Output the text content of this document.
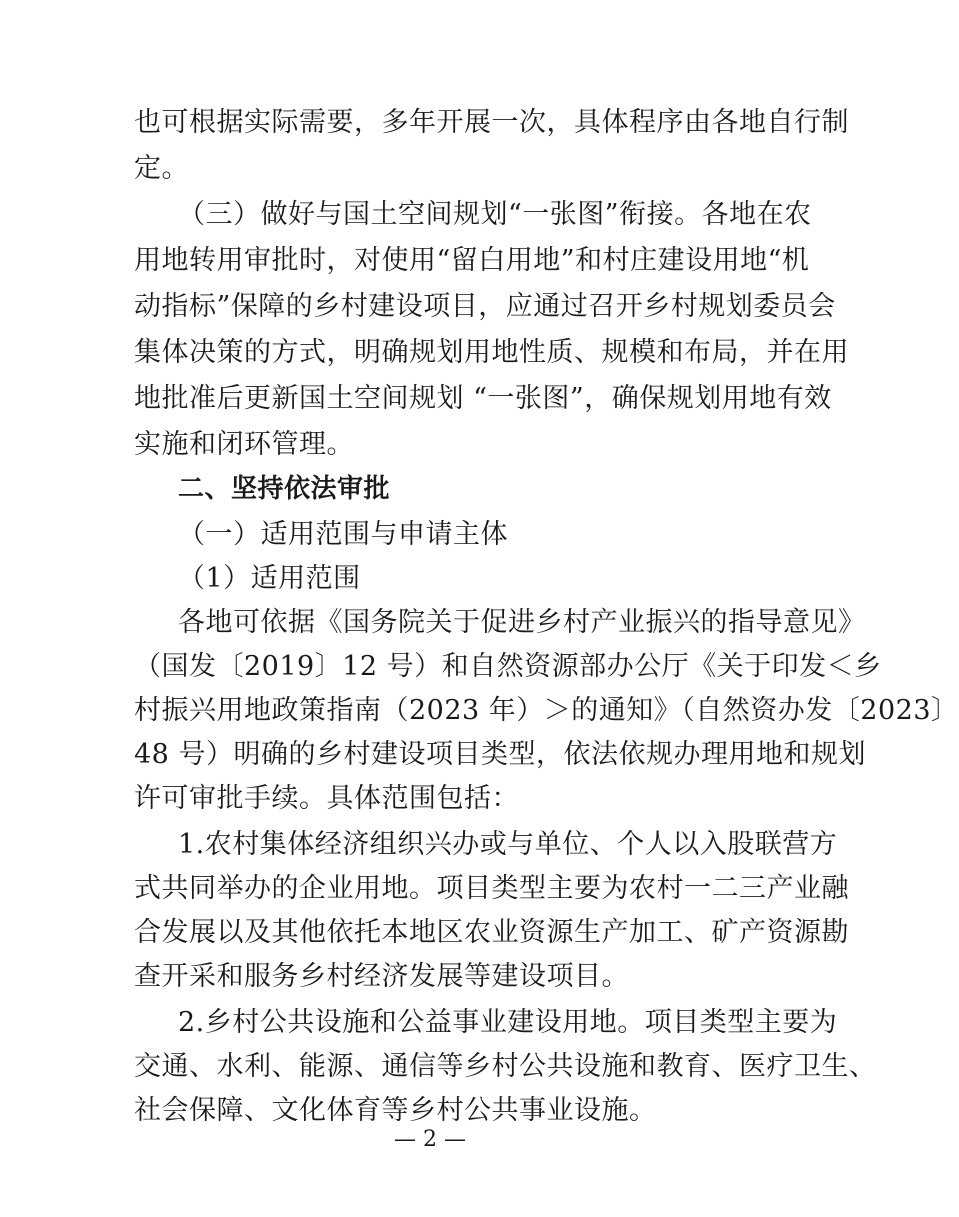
也可根据实际需要，多年开展一次，具体程序由各地自行制
定。
（三）做好与国土空间规划“一张图”衔接。各地在农
用地转用审批时，对使用“留白用地”和村庄建设用地“机
动指标”保障的乡村建设项目，应通过召开乡村规划委员会
集体决策的方式，明确规划用地性质、规模和布局，并在用
地批准后更新国土空间规划 “一张图”，确保规划用地有效
实施和闭环管理。
二、坚持依法审批
（一）适用范围与申请主体
（1）适用范围
各地可依据《国务院关于促进乡村产业振兴的指导意见》
（国发〔2019〕12 号）和自然资源部办公厅《关于印发＜乡
村振兴用地政策指南（2023 年）＞的通知》（自然资办发〔2023〕
48 号）明确的乡村建设项目类型，依法依规办理用地和规划
许可审批手续。具体范围包括：
1.农村集体经济组织兴办或与单位、个人以入股联营方
式共同举办的企业用地。项目类型主要为农村一二三产业融
合发展以及其他依托本地区农业资源生产加工、矿产资源勘
查开采和服务乡村经济发展等建设项目。
2.乡村公共设施和公益事业建设用地。项目类型主要为
交通、水利、能源、通信等乡村公共设施和教育、医疗卫生、
社会保障、文化体育等乡村公共事业设施。
— 2 —
